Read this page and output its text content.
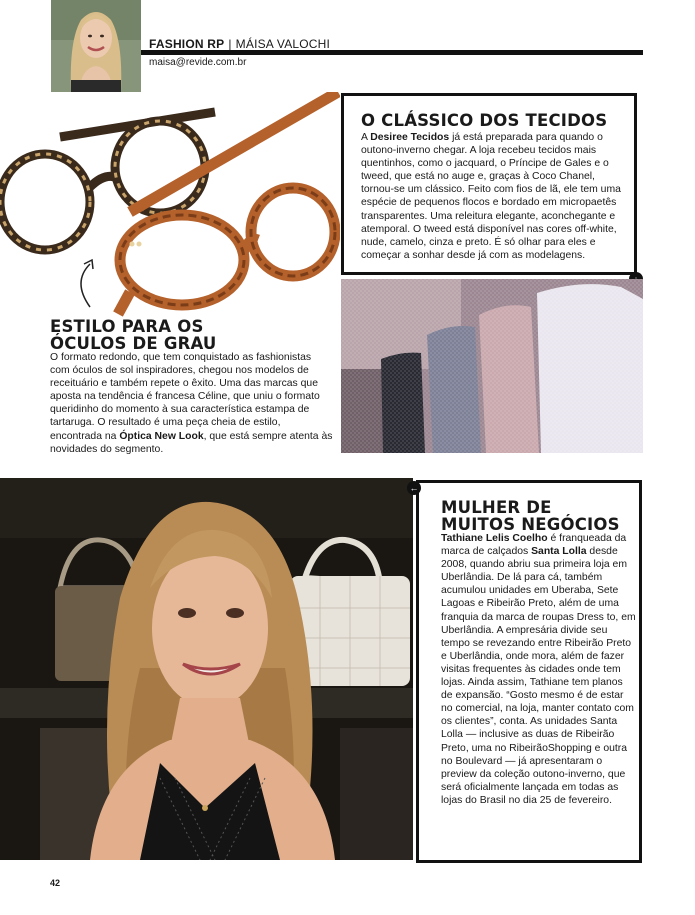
FASHION RP | MÁISA VALOCHI
maisa@revide.com.br
O CLÁSSICO DOS TECIDOS

A Desiree Tecidos já está preparada para quando o outono-inverno chegar. A loja recebeu tecidos mais quentinhos, como o jacquard, o Príncipe de Gales e o tweed, que está no auge e, graças à Coco Chanel, tornou-se um clássico. Feito com fios de lã, ele tem uma espécie de pequenos flocos e bordado em micropaetês transparentes. Uma releitura elegante, aconchegante e atemporal. O tweed está disponível nas cores off-white, nude, camelo, cinza e preto. É só olhar para eles e começar a sonhar desde já com as modelagens.

ESTILO PARA OS ÓCULOS DE GRAU

O formato redondo, que tem conquistado as fashionistas com óculos de sol inspiradores, chegou nos modelos de receituário e também repete o êxito. Uma das marcas que aposta na tendência é francesa Céline, que uniu o formato queridinho do momento à sua característica estampa de tartaruga. O resultado é uma peça cheia de estilo, encontrada na Óptica New Look, que está sempre atenta às novidades do segmento.

MULHER DE MUITOS NEGÓCIOS

Tathiane Lelis Coelho é franqueada da marca de calçados Santa Lolla desde 2008, quando abriu sua primeira loja em Uberlândia. De lá para cá, também acumulou unidades em Uberaba, Sete Lagoas e Ribeirão Preto, além de uma franquia da marca de roupas Dress to, em Uberlândia. A empresária divide seu tempo se revezando entre Ribeirão Preto e Uberlândia, onde mora, além de fazer visitas frequentes às cidades onde tem lojas. Ainda assim, Tathiane tem planos de expansão. “Gosto mesmo é de estar no comercial, na loja, manter contato com os clientes”, conta. As unidades Santa Lolla — inclusive as duas de Ribeirão Preto, uma no RibeirãoShopping e outra no Boulevard — já apresentaram o preview da coleção outono-inverno, que será oficialmente lançada em todas as lojas do Brasil no dia 25 de fevereiro.

←
42
